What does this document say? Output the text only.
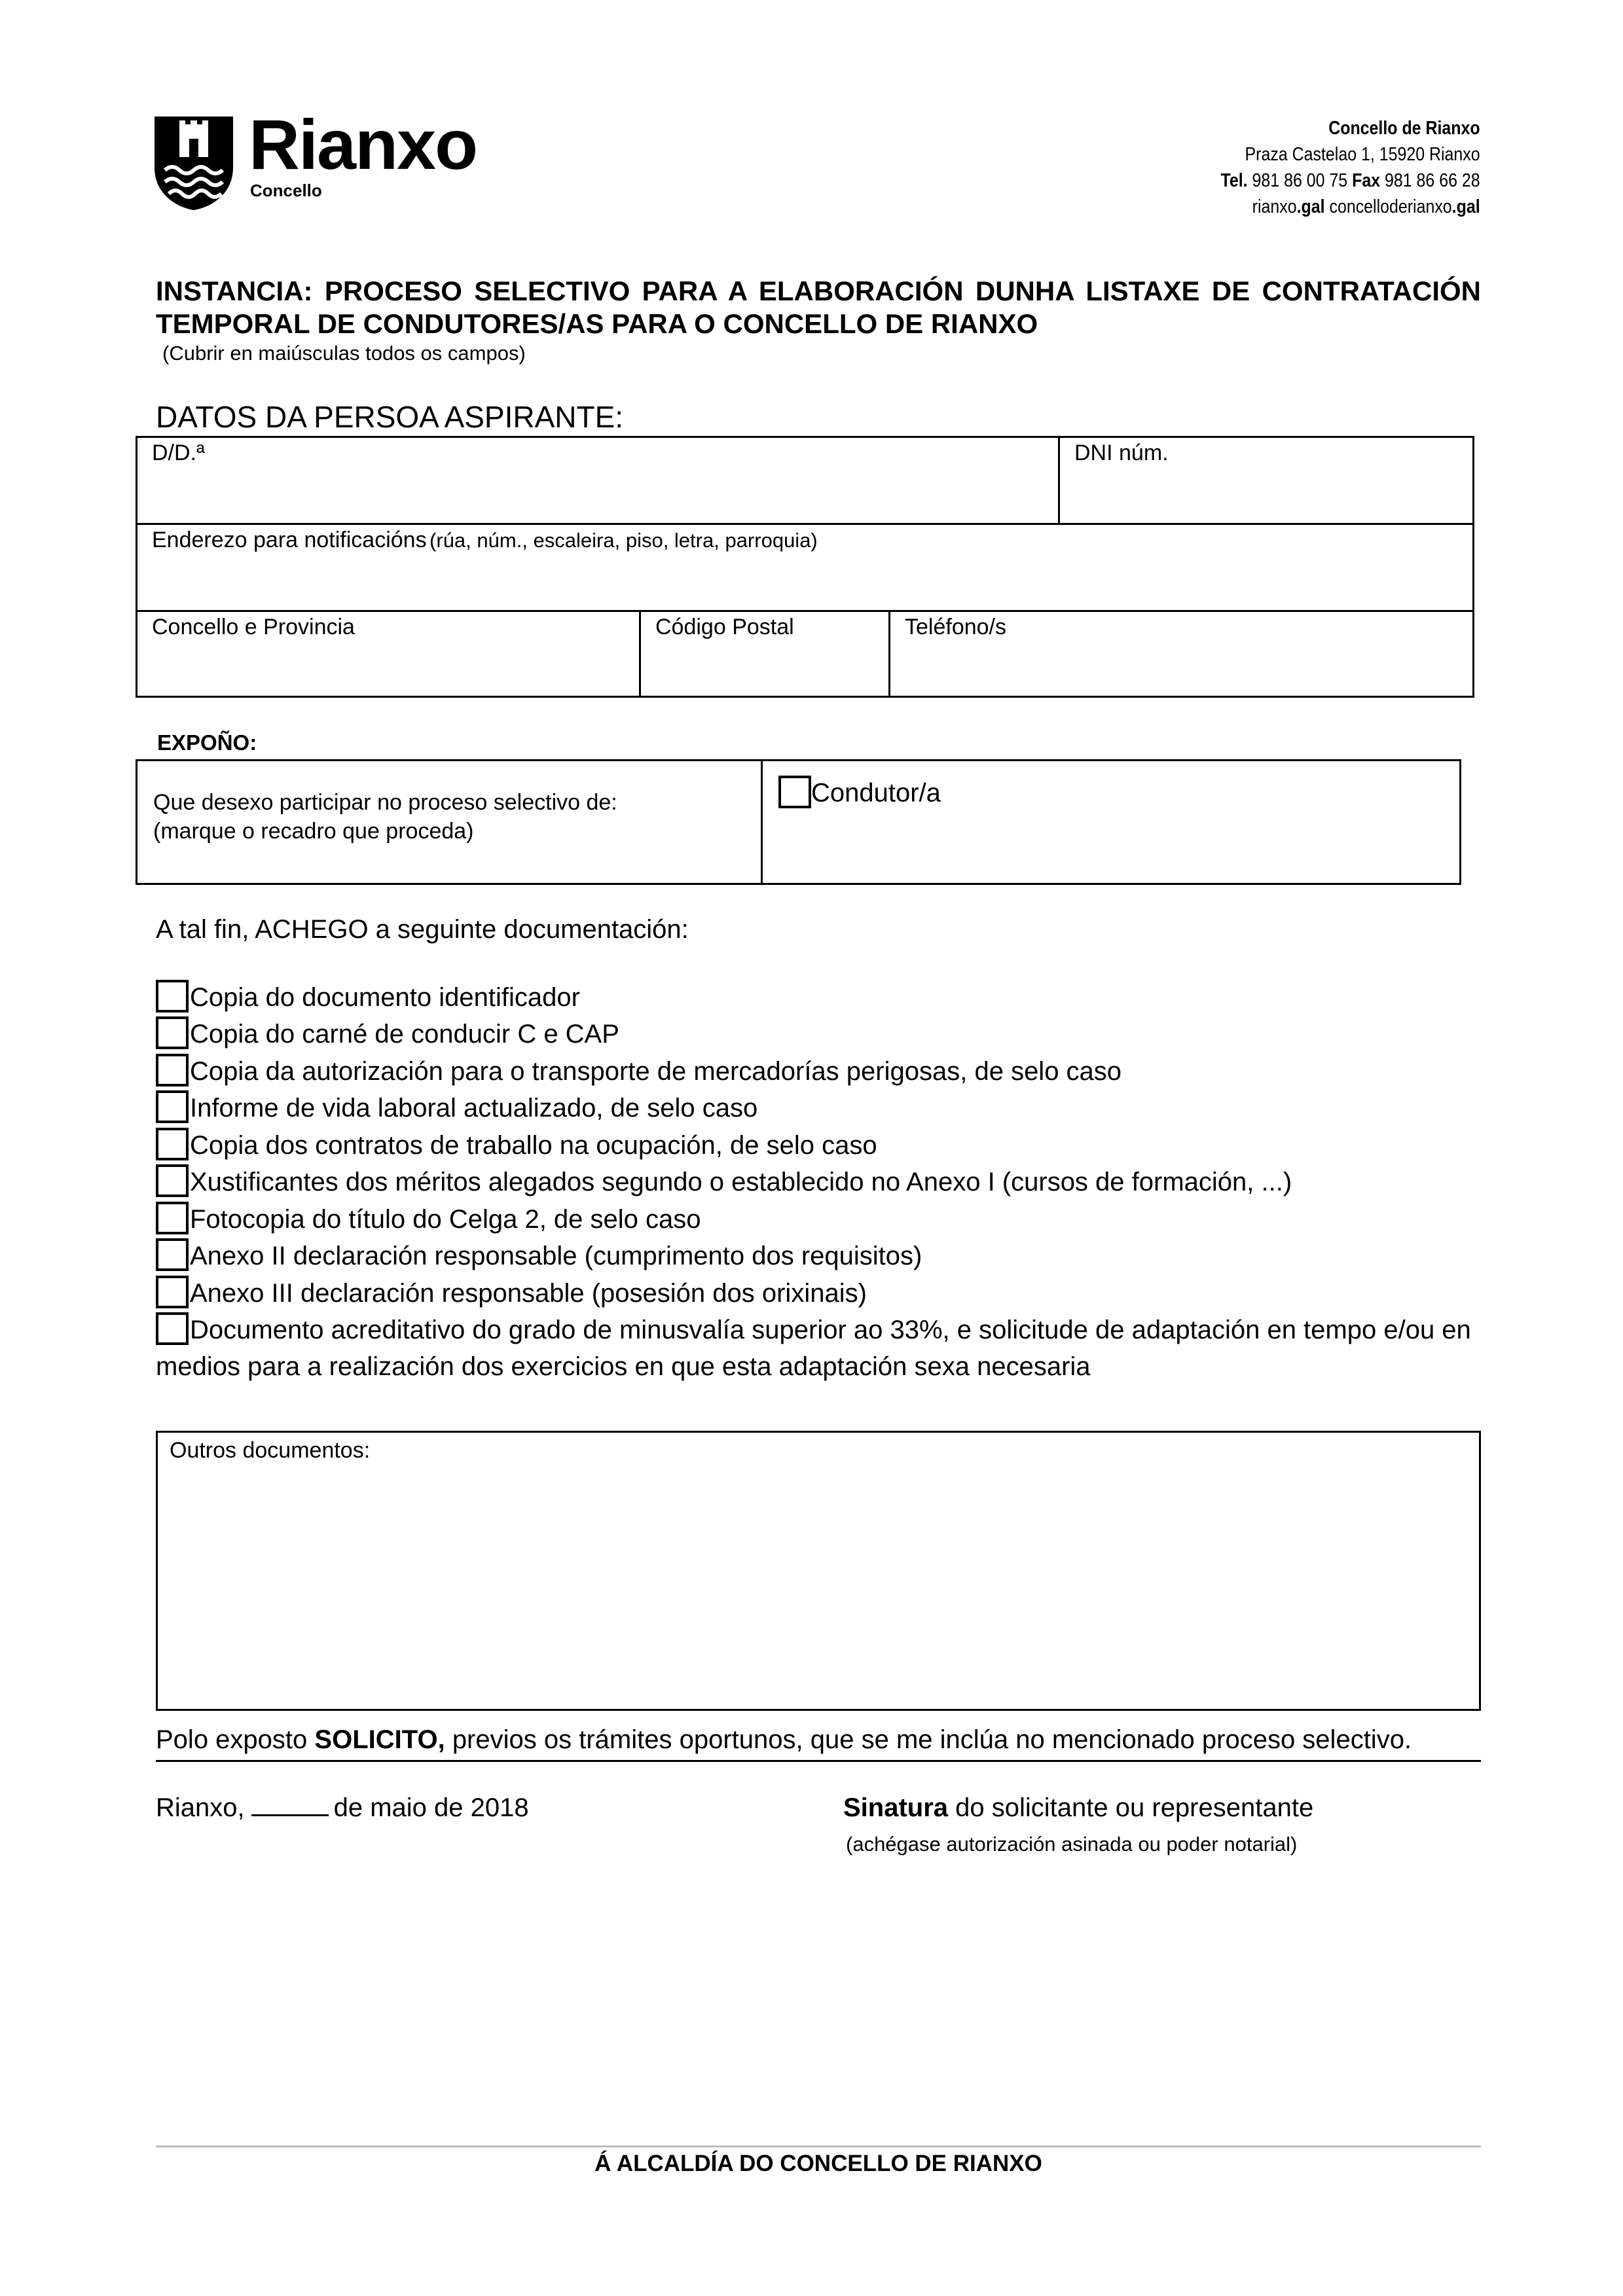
Rianxo
Concello
Concello de Rianxo
Praza Castelao 1, 15920 Rianxo
Tel. 981 86 00 75 Fax 981 86 66 28
rianxo.gal concelloderianxo.gal
INSTANCIA: PROCESO SELECTIVO PARA A ELABORACIÓN DUNHA LISTAXE DE CONTRATACIÓN TEMPORAL DE CONDUTORES/AS PARA O CONCELLO DE RIANXO
(Cubrir en maiúsculas todos os campos)
DATOS DA PERSOA ASPIRANTE:
D/D.ª	DNI núm.
Enderezo para notificacións (rúa, núm., escaleira, piso, letra, parroquia)
Concello e Provincia	Código Postal	Teléfono/s
EXPOÑO:
Que desexo participar no proceso selectivo de:
(marque o recadro que proceda)
Condutor/a
A tal fin, ACHEGO a seguinte documentación:
Copia do documento identificador
Copia do carné de conducir C e CAP
Copia da autorización para o transporte de mercadorías perigosas, de selo caso
Informe de vida laboral actualizado, de selo caso
Copia dos contratos de traballo na ocupación, de selo caso
Xustificantes dos méritos alegados segundo o establecido no Anexo I (cursos de formación, ...)
Fotocopia do título do Celga 2, de selo caso
Anexo II declaración responsable (cumprimento dos requisitos)
Anexo III declaración responsable (posesión dos orixinais)
Documento acreditativo do grado de minusvalía superior ao 33%, e solicitude de adaptación en tempo e/ou en
medios para a realización dos exercicios en que esta adaptación sexa necesaria
Outros documentos:
Polo exposto SOLICITO, previos os trámites oportunos, que se me inclúa no mencionado proceso selectivo.
Rianxo,	de maio de 2018	Sinatura do solicitante ou representante
(achégase autorización asinada ou poder notarial)
Á ALCALDÍA DO CONCELLO DE RIANXO
